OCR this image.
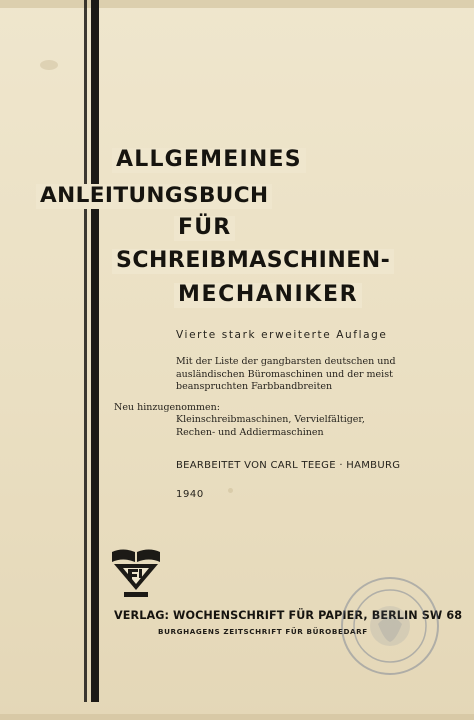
ALLGEMEINES
ANLEITUNGSBUCH
FÜR
SCHREIBMASCHINEN-
MECHANIKER

Vierte stark erweiterte Auflage

Mit der Liste der gangbarsten deutschen und
ausländischen Büromaschinen und der meist
beanspruchten Farbbandbreiten

Neu hinzugenommen:

Kleinschreibmaschinen, Vervielfältiger,
Rechen- und Addiermaschinen

BEARBEITET VON CARL TEEGE · HAMBURG

1940

VERLAG: WOCHENSCHRIFT FÜR PAPIER, BERLIN SW 68

BURGHAGENS ZEITSCHRIFT FÜR BÜROBEDARF
